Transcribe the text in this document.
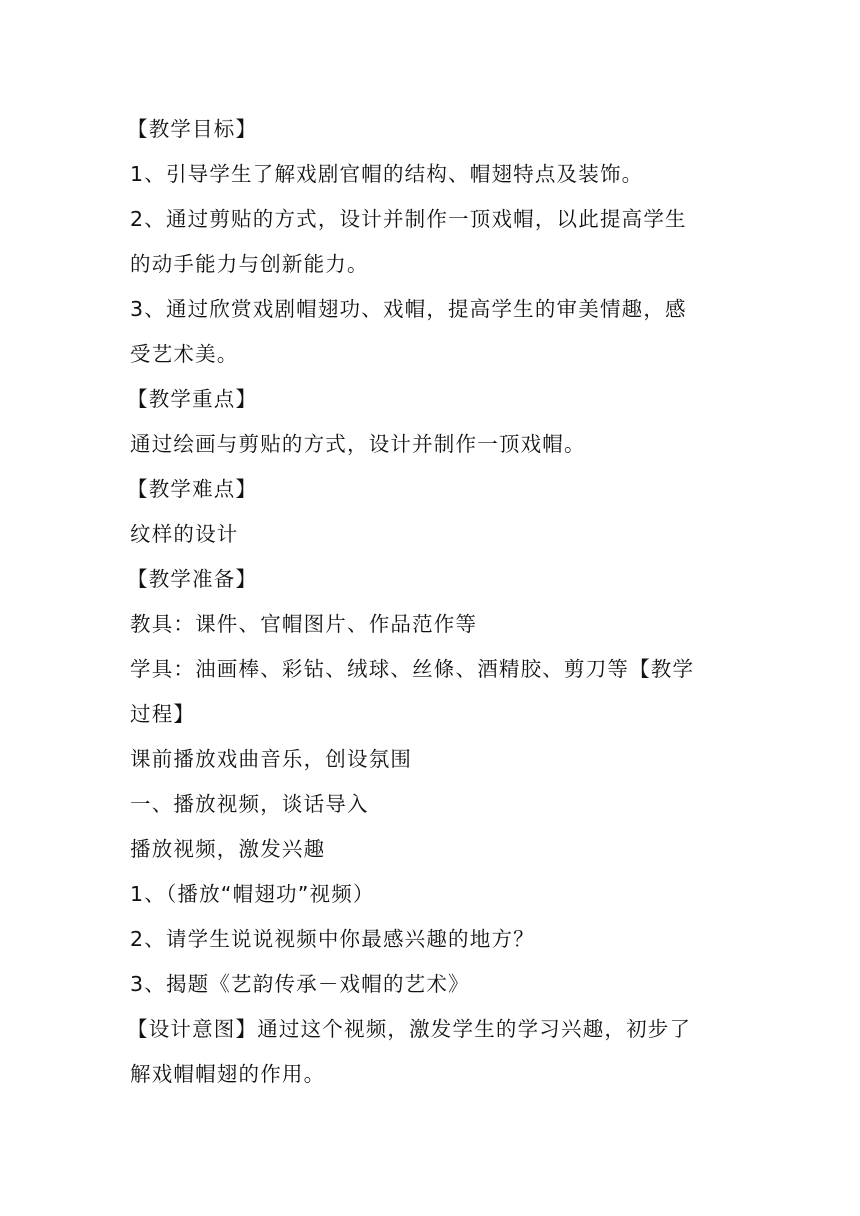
【教学目标】
1、引导学生了解戏剧官帽的结构、帽翅特点及装饰。
2、通过剪贴的方式，设计并制作一顶戏帽，以此提高学生
的动手能力与创新能力。
3、通过欣赏戏剧帽翅功、戏帽，提高学生的审美情趣，感
受艺术美。
【教学重点】
通过绘画与剪贴的方式，设计并制作一顶戏帽。
【教学难点】
纹样的设计
【教学准备】
教具：课件、官帽图片、作品范作等
学具：油画棒、彩钻、绒球、丝條、酒精胶、剪刀等【教学
过程】
课前播放戏曲音乐，创设氛围
一、播放视频，谈话导入
播放视频，激发兴趣
1、（播放“帽翅功”视频）
2、请学生说说视频中你最感兴趣的地方？
3、揭题《艺韵传承－戏帽的艺术》
【设计意图】通过这个视频，激发学生的学习兴趣，初步了
解戏帽帽翅的作用。
